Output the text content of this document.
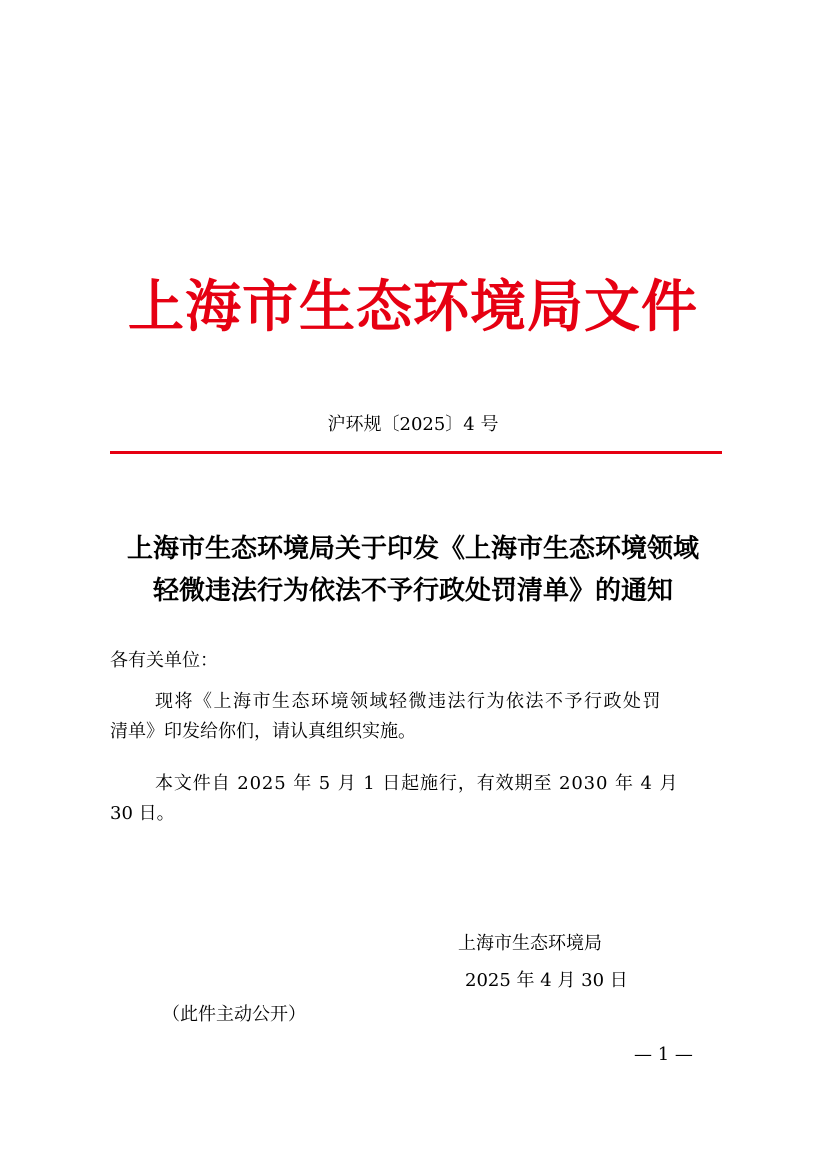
上海市生态环境局文件
沪环规〔2025〕4 号
上海市生态环境局关于印发《上海市生态环境领域
轻微违法行为依法不予行政处罚清单》的通知
各有关单位：
现将《上海市生态环境领域轻微违法行为依法不予行政处罚
清单》印发给你们，请认真组织实施。
本文件自 2025 年 5 月 1 日起施行，有效期至 2030 年 4 月
30 日。
上海市生态环境局
2025 年 4 月 30 日
（此件主动公开）
— 1 —
